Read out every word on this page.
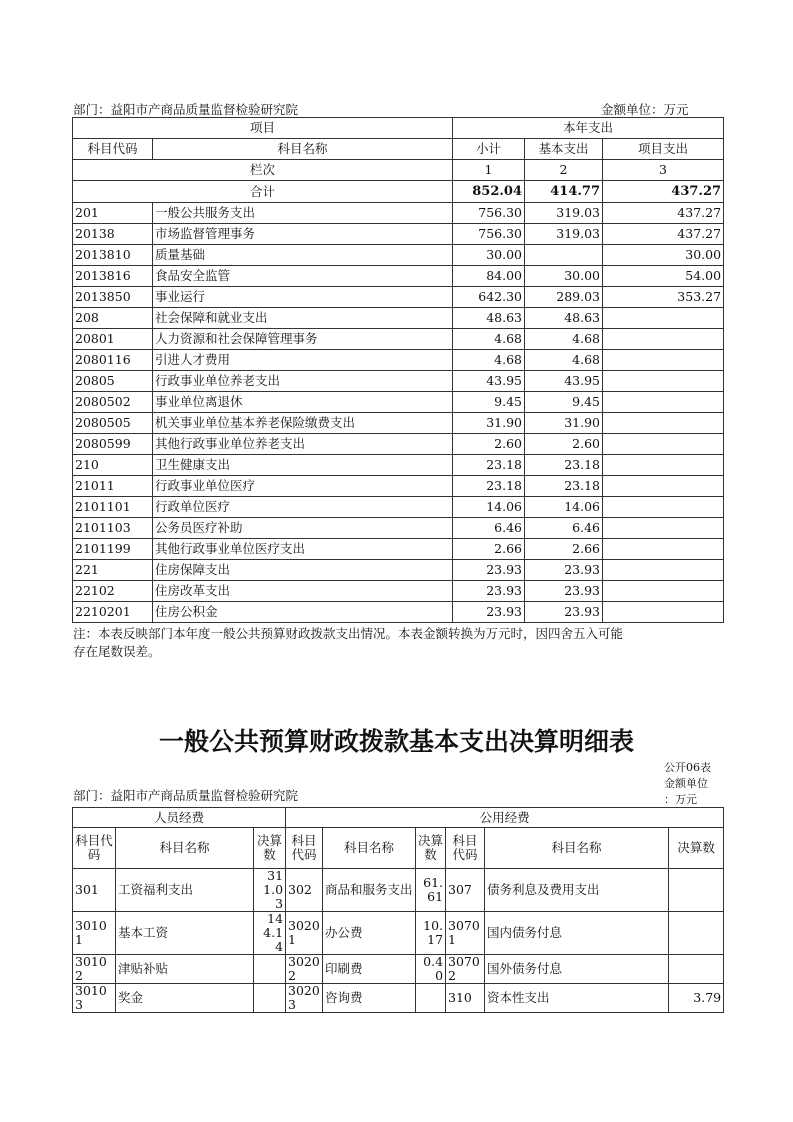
部门：益阳市产商品质量监督检验研究院	金额单位：万元
项目		本年支出		
科目代码	科目名称	小计	基本支出	项目支出
栏次		1	2	3
合计		852.04	414.77	437.27
201	一般公共服务支出	756.30	319.03	437.27
20138	市场监督管理事务	756.30	319.03	437.27
2013810	质量基础	30.00		30.00
2013816	食品安全监管	84.00	30.00	54.00
2013850	事业运行	642.30	289.03	353.27
208	社会保障和就业支出	48.63	48.63	
20801	人力资源和社会保障管理事务	4.68	4.68	
2080116	引进人才费用	4.68	4.68	
20805	行政事业单位养老支出	43.95	43.95	
2080502	事业单位离退休	9.45	9.45	
2080505	机关事业单位基本养老保险缴费支出	31.90	31.90	
2080599	其他行政事业单位养老支出	2.60	2.60	
210	卫生健康支出	23.18	23.18	
21011	行政事业单位医疗	23.18	23.18	
2101101	行政单位医疗	14.06	14.06	
2101103	公务员医疗补助	6.46	6.46	
2101199	其他行政事业单位医疗支出	2.66	2.66	
221	住房保障支出	23.93	23.93	
22102	住房改革支出	23.93	23.93	
2210201	住房公积金	23.93	23.93	
注：本表反映部门本年度一般公共预算财政拨款支出情况。本表金额转换为万元时，因四舍五入可能
存在尾数误差。
一般公共预算财政拨款基本支出决算明细表
公开06表
金额单位
：万元
部门：益阳市产商品质量监督检验研究院
人员经费			公用经费					
科目代码	科目名称	决算数	科目代码	科目名称	决算数	科目代码	科目名称	决算数
301	工资福利支出	311.03	302	商品和服务支出	61.61	307	债务利息及费用支出	
30101	基本工资	144.14	30201	办公费	10.17	30701	国内债务付息	
30102	津贴补贴		30202	印刷费	0.40	30702	国外债务付息	
30103	奖金		30203	咨询费		310	资本性支出	3.79
